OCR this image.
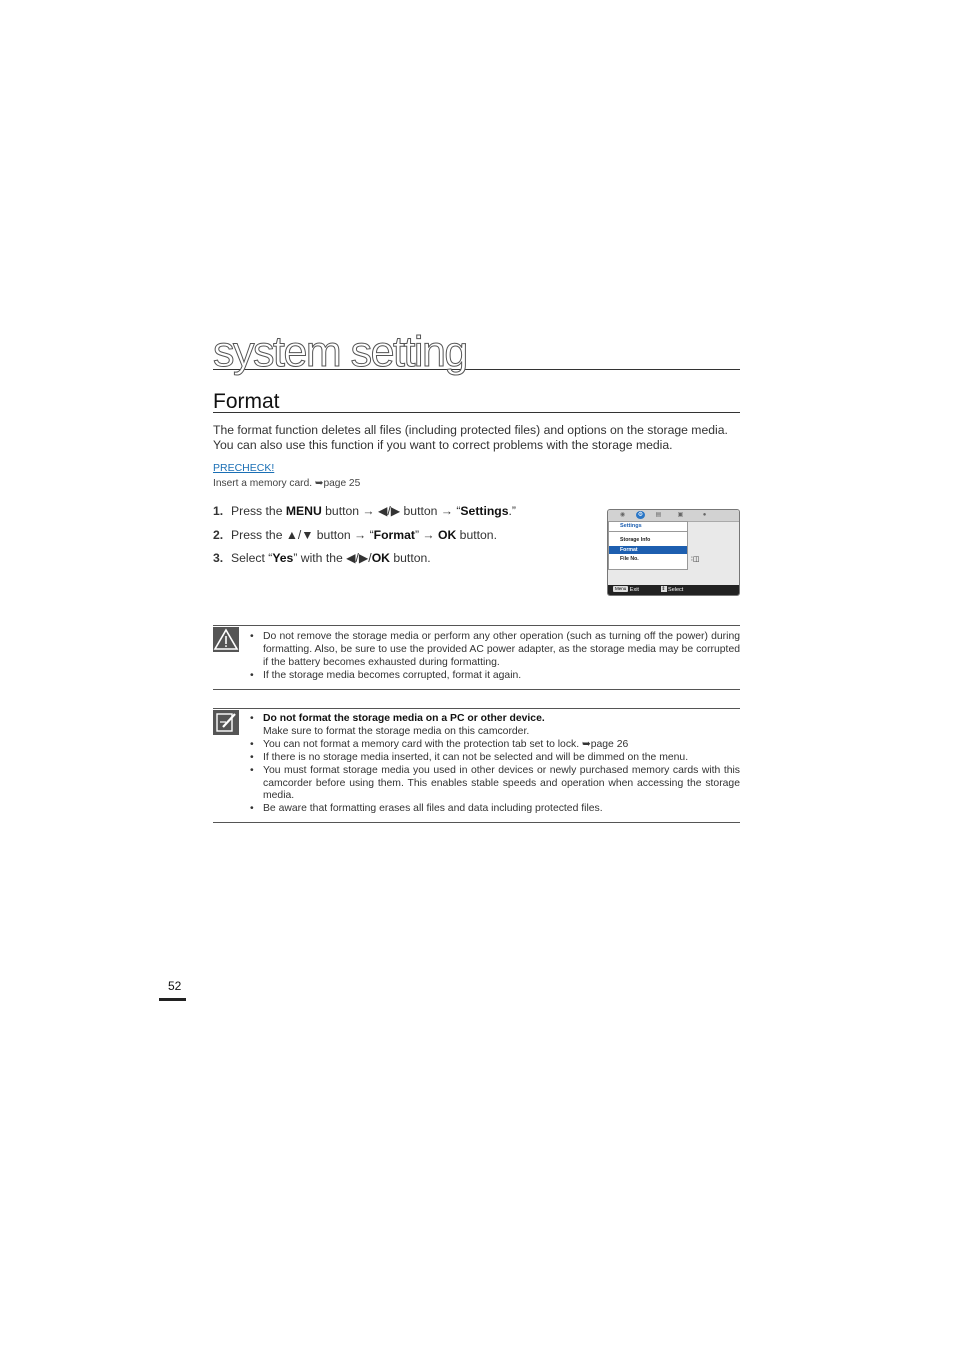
system setting
Format

The format function deletes all files (including protected files) and options on the storage media.

You can also use this function if you want to correct problems with the storage media.

PRECHECK!
Insert a memory card. ➥page 25
1. Press the MENU button → ◀/▶ button → “Settings.”
2. Press the ▲/▼ button → “Format” → OK button.
3. Select “Yes” with the ◀/▶/OK button.
◉	⚙	▤	▣	●
Settings
Storage Info
Format
File No.	∶◫
Menu Exit	⇕ Select
• Do not remove the storage media or perform any other operation (such as turning off the power) during formatting. Also, be sure to use the provided AC power adapter, as the storage media may be corrupted if the battery becomes exhausted during formatting.
• If the storage media becomes corrupted, format it again.
• Do not format the storage media on a PC or other device.
Make sure to format the storage media on this camcorder.
• You can not format a memory card with the protection tab set to lock. ➥page 26
• If there is no storage media inserted, it can not be selected and will be dimmed on the menu.
• You must format storage media you used in other devices or newly purchased memory cards with this camcorder before using them. This enables stable speeds and operation when accessing the storage media.
• Be aware that formatting erases all files and data including protected files.
52
